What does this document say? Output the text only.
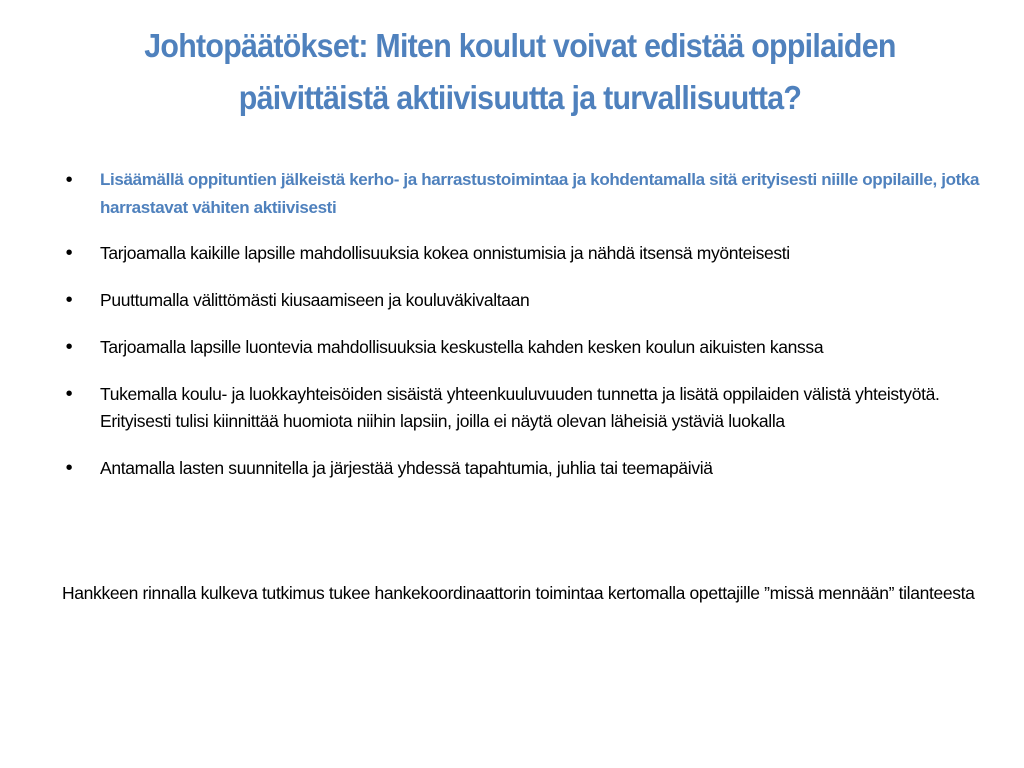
Johtopäätökset: Miten koulut voivat edistää oppilaiden
päivittäistä aktiivisuutta ja turvallisuutta?
•
Lisäämällä oppituntien jälkeistä kerho- ja harrastustoimintaa ja kohdentamalla sitä erityisesti niille oppilaille, jotka harrastavat vähiten aktiivisesti
•
Tarjoamalla kaikille lapsille mahdollisuuksia kokea onnistumisia ja nähdä itsensä myönteisesti
•
Puuttumalla välittömästi kiusaamiseen ja kouluväkivaltaan
•
Tarjoamalla lapsille luontevia mahdollisuuksia keskustella kahden kesken koulun aikuisten kanssa
•
Tukemalla koulu- ja luokkayhteisöiden sisäistä yhteenkuuluvuuden tunnetta ja lisätä oppilaiden välistä yhteistyötä. Erityisesti tulisi kiinnittää huomiota niihin lapsiin, joilla ei näytä olevan läheisiä ystäviä luokalla
•
Antamalla lasten suunnitella ja järjestää yhdessä tapahtumia, juhlia tai teemapäiviä

Hankkeen rinnalla kulkeva tutkimus tukee hankekoordinaattorin toimintaa kertomalla opettajille ”missä mennään” tilanteesta
